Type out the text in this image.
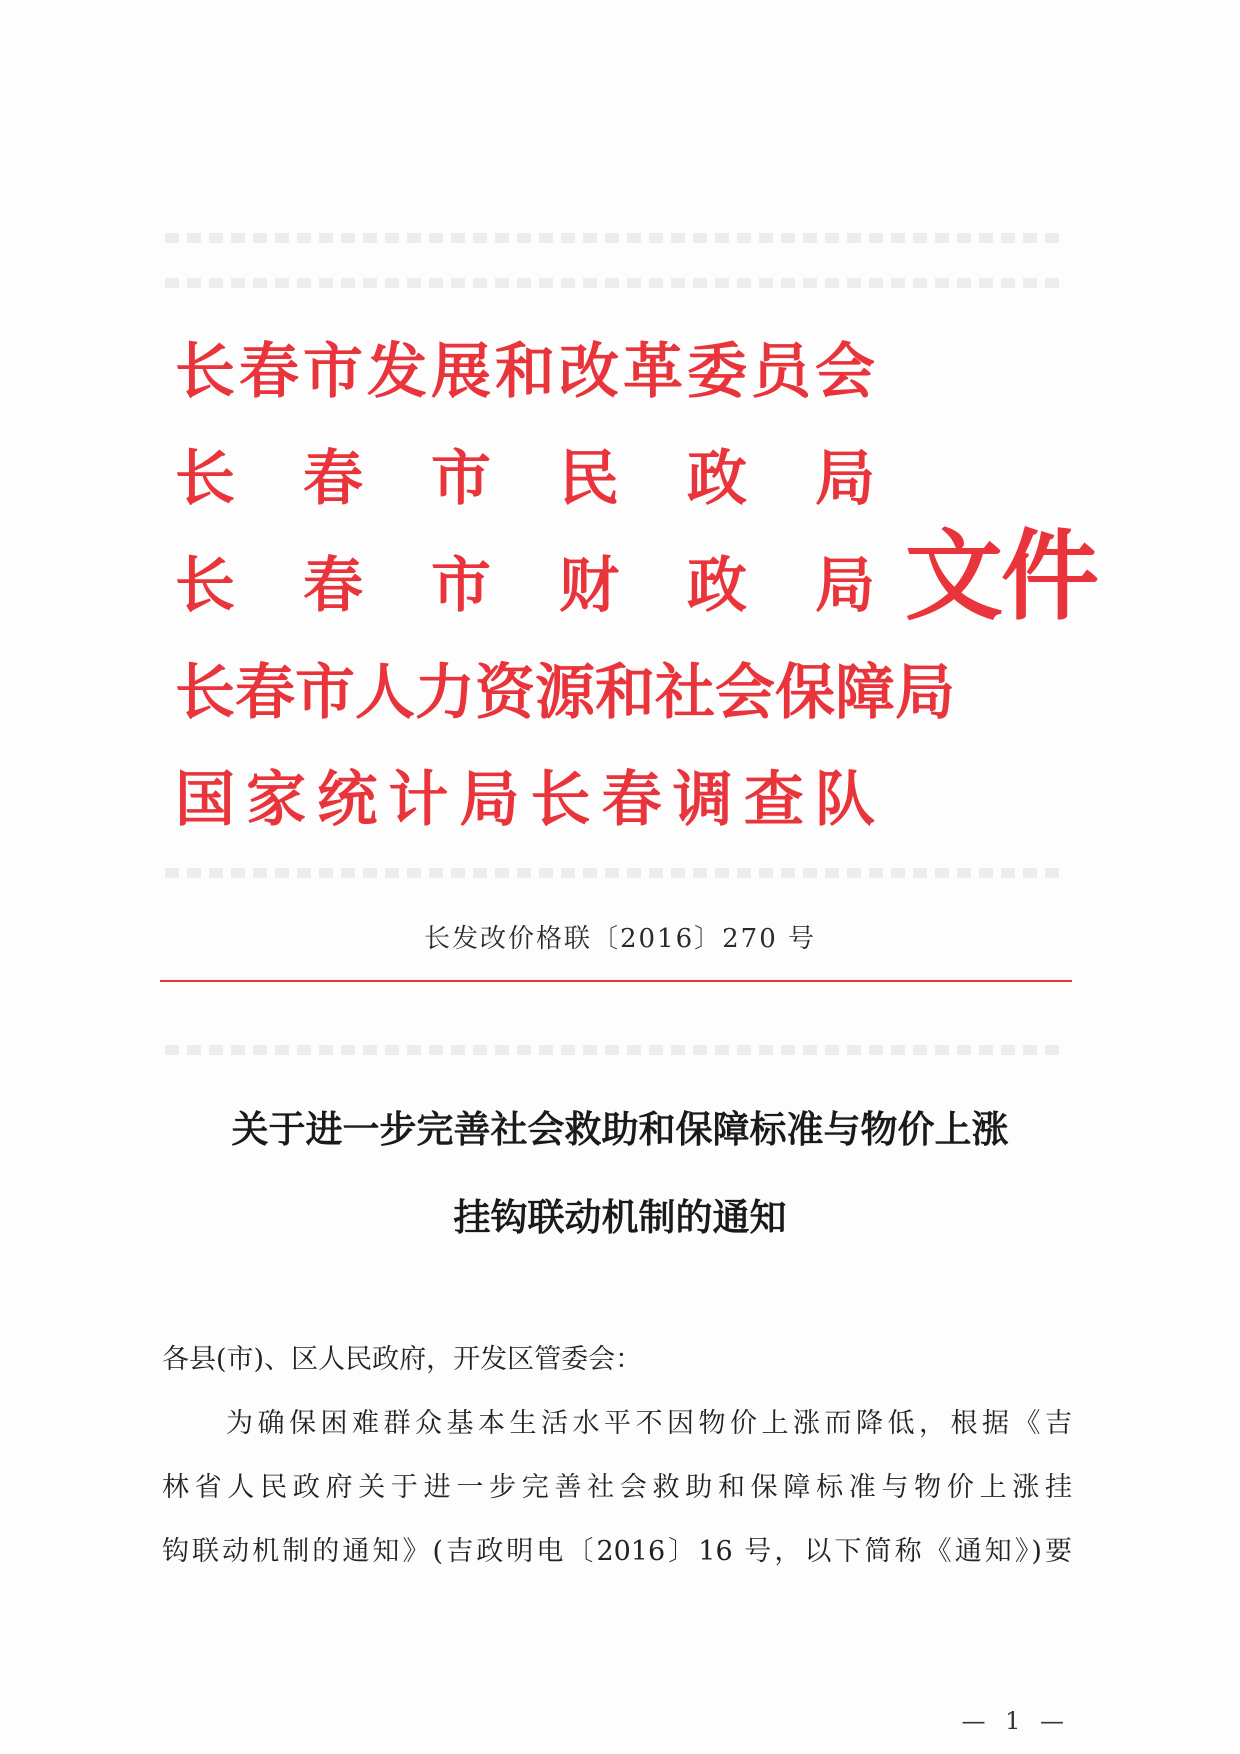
长 春 市 发 展 和 改 革 委 员 会
长 春 市 民 政 局
长 春 市 财 政 局
长 春 市 人 力 资 源 和 社 会 保 障 局
国 家 统 计 局 长 春 调 查 队
文件
长发改价格联〔2016〕270 号
关于进一步完善社会救助和保障标准与物价上涨
挂钩联动机制的通知

各县(市)、区人民政府，开发区管委会：

为确保困难群众基本生活水平不因物价上涨而降低，根据《吉

林省人民政府关于进一步完善社会救助和保障标准与物价上涨挂

钩联动机制的通知》(吉政明电〔2016〕16 号，以下简称《通知》)要

— 1 —
